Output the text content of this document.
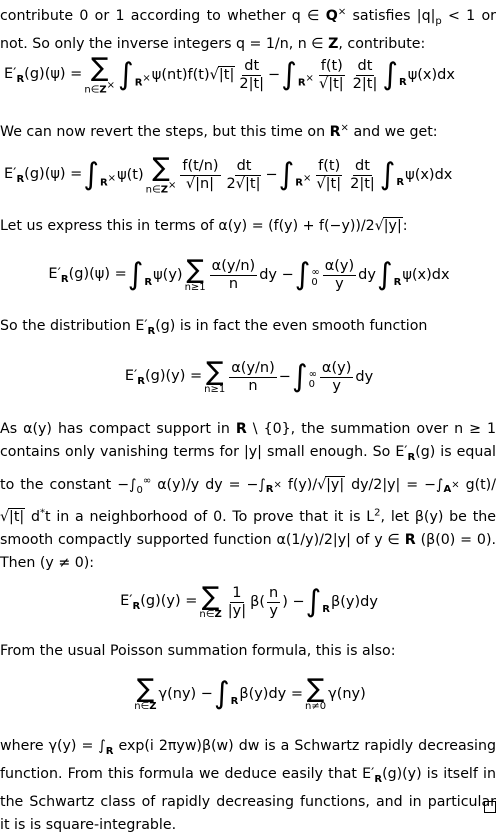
contribute 0 or 1 according to whether q ∈ Q× satisfies $|q|_p < 1$ or not. So only the inverse integers q = 1/n, n ∈ Z, contribute:

$E'_R(g)(\psi)$ = ∑
n∈Z× ∫
R× $\psi(nt)f(t)√|t| \frac{dt}{2|t|}$ − ∫
$R^\times \frac{f(t)}{√|t|} \frac{dt}{2|t|}$ ∫
R ψ(x)dx

We can now revert the steps, but this time on R× and we get:

$E'_R(g)(\psi)$ = ∫
R× ψ(t) ∑
n∈Z× $\frac{f(t/n)}{√|n|} \frac{dt}{2√|t|}$ − ∫
$R^\times \frac{f(t)}{√|t|} \frac{dt}{2|t|}$ ∫
R ψ(x)dx

Let us express this in terms of α(y) = (f(y) + f(−y))/2√|y|:

$E'_R(g)(\psi)$ = ∫
R ψ(y) ∑
$n\ge 1 \frac{\alpha(y/n)}{n}$ dy − ∫ ∞
$0 \frac{\alpha(y)}{y}$ dy ∫
R ψ(x)dx

So the distribution $E'_R(g)$ is in fact the even smooth function

$E'_R(g)(y)$ = ∑
$n\ge 1 \frac{\alpha(y/n)}{n}$ − ∫ ∞
$0 \frac{\alpha(y)}{y}$ dy

As α(y) has compact support in R \ {0}, the summation over n ≥ 1 contains only vanishing terms for |y| small enough. So $E'_R(g)$ is equal to the constant $-\int_0^\infty$ α(y)/y dy = $-\int_{R^\times}$ f(y)/√|y| $dy/2|y| = -\int_{A^\times}$ g(t)/√|t| d*t in a neighborhood of 0. To prove that it is $L^2$, let β(y) be the smooth compactly supported function α(1/y)/2|y| of y ∈ R (β(0) = 0). Then (y ≠ 0):

$E'_R(g)(y)$ = ∑
n∈Z $\frac{1}{|y|} \beta( \frac{n}{y}$ ) − ∫
R β(y)dy

From the usual Poisson summation formula, this is also:

∑
n∈Z
γ(ny) − ∫
R β(y)dy = ∑
n≠0
γ(ny)

where $\gamma(y) = \int_R$ exp(i 2πyw)β(w) dw is a Schwartz rapidly decreasing function. From this formula we deduce easily that $E'_R(g)(y)$ is itself in the Schwartz class of rapidly decreasing functions, and in particular it is is square-integrable.
